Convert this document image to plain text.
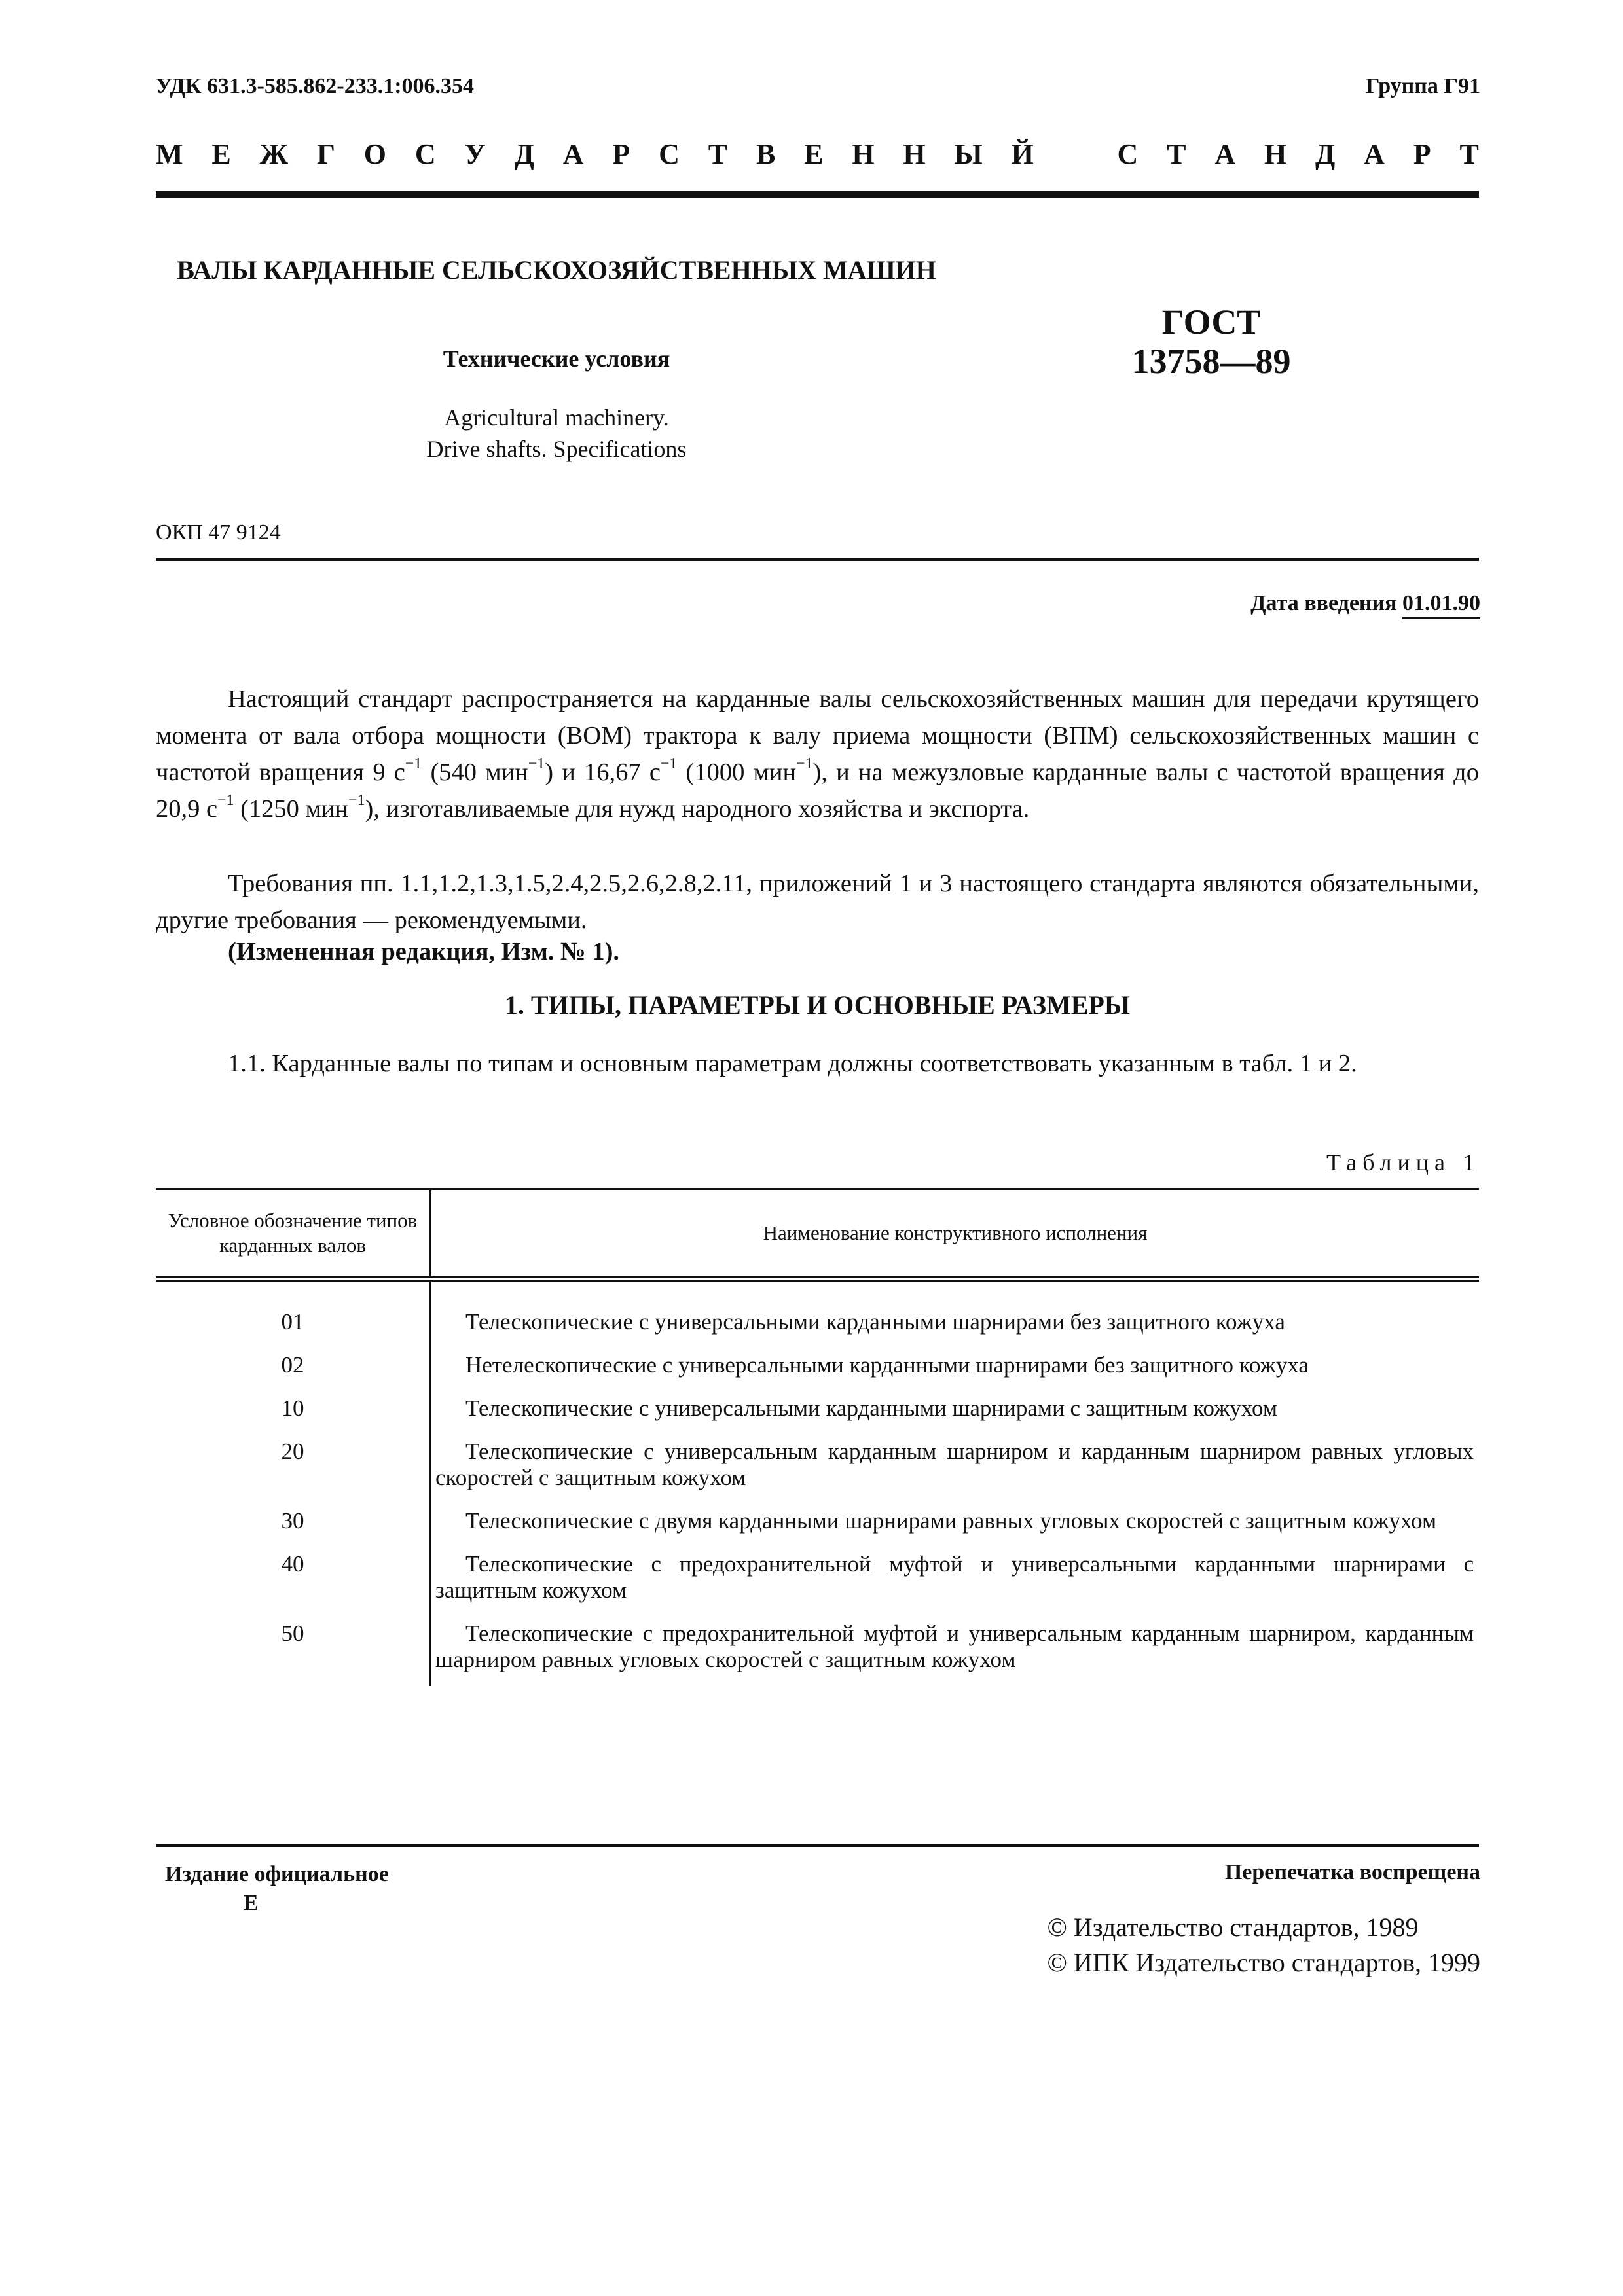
УДК 631.3-585.862-233.1:006.354	Группа Г91
М Е Ж Г О С У Д А Р С Т В Е Н Н Ы Й	С Т А Н Д А Р Т
ВАЛЫ КАРДАННЫЕ СЕЛЬСКОХОЗЯЙСТВЕННЫХ МАШИН
Технические условия
Agricultural machinery.
Drive shafts. Specifications
ГОСТ
13758—89
ОКП 47 9124
Дата введения 01.01.90
Настоящий стандарт распространяется на карданные валы сельскохозяйственных машин для передачи крутящего момента от вала отбора мощности (ВОМ) трактора к валу приема мощности (ВПМ) сельскохозяйственных машин с частотой вращения 9 $с^{-1}$ (540 мин$^{-1}$) и 16,67 $с^{-1}$ (1000 мин$^{-1}$), и на межузловые карданные валы с частотой вращения до 20,9 $с^{-1}$ (1250 мин$^{-1}$), изготавливаемые для нужд народного хозяйства и экспорта.
Требования пп. 1.1,1.2,1.3,1.5,2.4,2.5,2.6,2.8,2.11, приложений 1 и 3 настоящего стандарта являются обязательными, другие требования — рекомендуемыми.
(Измененная редакция, Изм. № 1).
1. ТИПЫ, ПАРАМЕТРЫ И ОСНОВНЫЕ РАЗМЕРЫ
1.1. Карданные валы по типам и основным параметрам должны соответствовать указанным в табл. 1 и 2.
Таблица 1
Условное обозначение типов карданных валов	Наименование конструктивного исполнения
01	Телескопические с универсальными карданными шарнирами без защитного кожуха

02	Нетелескопические с универсальными карданными шарнирами без защитного кожуха

10	Телескопические с универсальными карданными шарнирами с защитным кожухом

20	Телескопические с универсальным карданным шарниром и карданным шарниром равных угловых скоростей с защитным кожухом

30	Телескопические с двумя карданными шарнирами равных угловых скоростей с защитным кожухом

40	Телескопические с предохранительной муфтой и универсальными карданными шарнирами с защитным кожухом

50	Телескопические с предохранительной муфтой и универсальным карданным шарниром, карданным шарниром равных угловых скоростей с защитным кожухом
Издание официальное
Е
Перепечатка воспрещена
© Издательство стандартов, 1989
© ИПК Издательство стандартов, 1999
